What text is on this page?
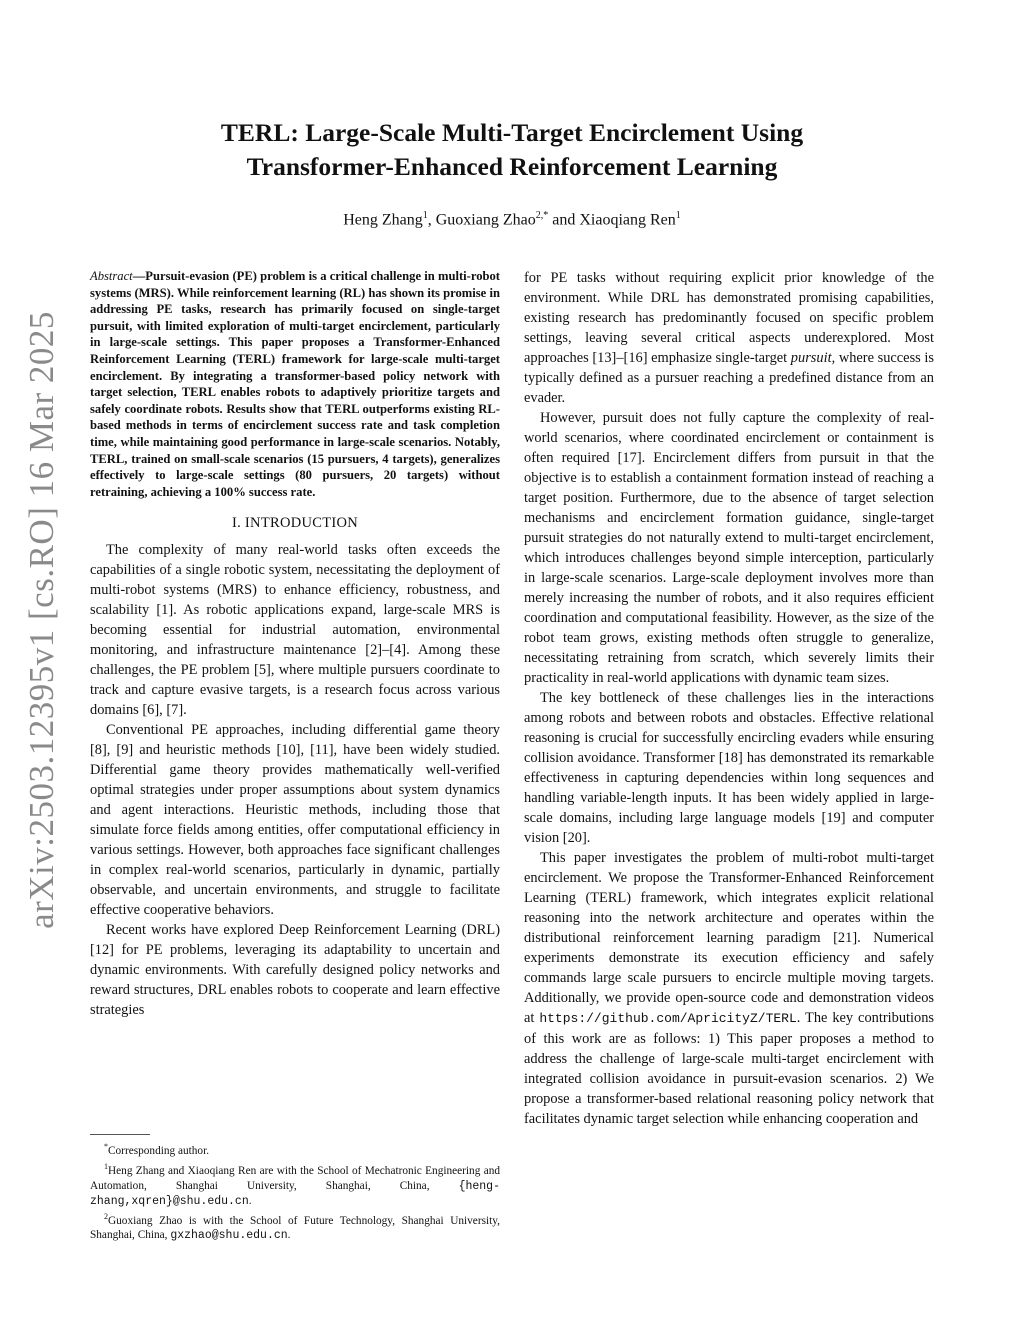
arXiv:2503.12395v1 [cs.RO] 16 Mar 2025
TERL: Large-Scale Multi-Target Encirclement Using
Transformer-Enhanced Reinforcement Learning
Heng Zhang$^1$, Guoxiang Zhao$^{2,*}$ and Xiaoqiang Ren$^1$

Abstract—Pursuit-evasion (PE) problem is a critical challenge in multi-robot systems (MRS). While reinforcement learning (RL) has shown its promise in addressing PE tasks, research has primarily focused on single-target pursuit, with limited exploration of multi-target encirclement, particularly in large-scale settings. This paper proposes a Transformer-Enhanced Reinforcement Learning (TERL) framework for large-scale multi-target encirclement. By integrating a transformer-based policy network with target selection, TERL enables robots to adaptively prioritize targets and safely coordinate robots. Results show that TERL outperforms existing RL-based methods in terms of encirclement success rate and task completion time, while maintaining good performance in large-scale scenarios. Notably, TERL, trained on small-scale scenarios (15 pursuers, 4 targets), generalizes effectively to large-scale settings (80 pursuers, 20 targets) without retraining, achieving a 100% success rate.

I. INTRODUCTION

The complexity of many real-world tasks often exceeds the capabilities of a single robotic system, necessitating the deployment of multi-robot systems (MRS) to enhance efficiency, robustness, and scalability [1]. As robotic applications expand, large-scale MRS is becoming essential for industrial automation, environmental monitoring, and infrastructure maintenance [2]–[4]. Among these challenges, the PE problem [5], where multiple pursuers coordinate to track and capture evasive targets, is a research focus across various domains [6], [7].

Conventional PE approaches, including differential game theory [8], [9] and heuristic methods [10], [11], have been widely studied. Differential game theory provides mathematically well-verified optimal strategies under proper assumptions about system dynamics and agent interactions. Heuristic methods, including those that simulate force fields among entities, offer computational efficiency in various settings. However, both approaches face significant challenges in complex real-world scenarios, particularly in dynamic, partially observable, and uncertain environments, and struggle to facilitate effective cooperative behaviors.

Recent works have explored Deep Reinforcement Learning (DRL) [12] for PE problems, leveraging its adaptability to uncertain and dynamic environments. With carefully designed policy networks and reward structures, DRL enables robots to cooperate and learn effective strategies

*Corresponding author.

$^1$Heng Zhang and Xiaoqiang Ren are with the School of Mechatronic Engineering and Automation, Shanghai University, Shanghai, China, {heng-zhang,xqren}@shu.edu.cn.

$^2$Guoxiang Zhao is with the School of Future Technology, Shanghai University, Shanghai, China, gxzhao@shu.edu.cn.

for PE tasks without requiring explicit prior knowledge of the environment. While DRL has demonstrated promising capabilities, existing research has predominantly focused on specific problem settings, leaving several critical aspects underexplored. Most approaches [13]–[16] emphasize single-target pursuit, where success is typically defined as a pursuer reaching a predefined distance from an evader.

However, pursuit does not fully capture the complexity of real-world scenarios, where coordinated encirclement or containment is often required [17]. Encirclement differs from pursuit in that the objective is to establish a containment formation instead of reaching a target position. Furthermore, due to the absence of target selection mechanisms and encirclement formation guidance, single-target pursuit strategies do not naturally extend to multi-target encirclement, which introduces challenges beyond simple interception, particularly in large-scale scenarios. Large-scale deployment involves more than merely increasing the number of robots, and it also requires efficient coordination and computational feasibility. However, as the size of the robot team grows, existing methods often struggle to generalize, necessitating retraining from scratch, which severely limits their practicality in real-world applications with dynamic team sizes.

The key bottleneck of these challenges lies in the interactions among robots and between robots and obstacles. Effective relational reasoning is crucial for successfully encircling evaders while ensuring collision avoidance. Transformer [18] has demonstrated its remarkable effectiveness in capturing dependencies within long sequences and handling variable-length inputs. It has been widely applied in large-scale domains, including large language models [19] and computer vision [20].

This paper investigates the problem of multi-robot multi-target encirclement. We propose the Transformer-Enhanced Reinforcement Learning (TERL) framework, which integrates explicit relational reasoning into the network architecture and operates within the distributional reinforcement learning paradigm [21]. Numerical experiments demonstrate its execution efficiency and safely commands large scale pursuers to encircle multiple moving targets. Additionally, we provide open-source code and demonstration videos at https://github.com/ApricityZ/TERL. The key contributions of this work are as follows: 1) This paper proposes a method to address the challenge of large-scale multi-target encirclement with integrated collision avoidance in pursuit-evasion scenarios. 2) We propose a transformer-based relational reasoning policy network that facilitates dynamic target selection while enhancing cooperation and
